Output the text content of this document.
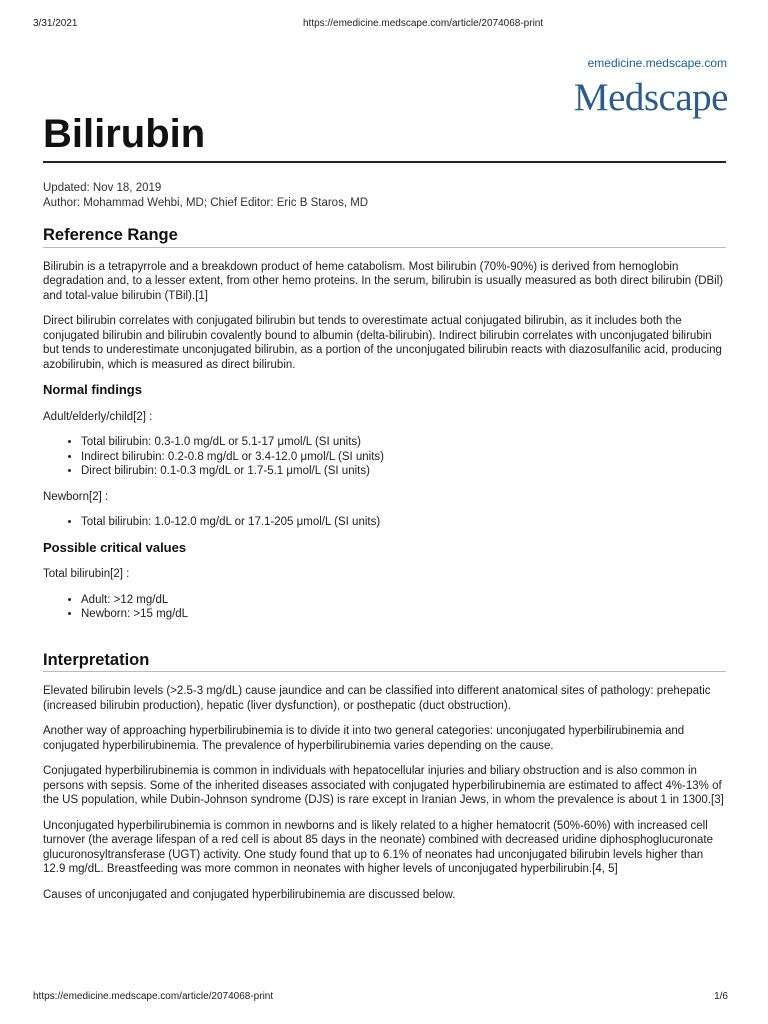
3/31/2021	https://emedicine.medscape.com/article/2074068-print
emedicine.medscape.com
Medscape
Bilirubin
Updated: Nov 18, 2019
Author: Mohammad Wehbi, MD; Chief Editor: Eric B Staros, MD
Reference Range

Bilirubin is a tetrapyrrole and a breakdown product of heme catabolism. Most bilirubin (70%-90%) is derived from hemoglobin degradation and, to a lesser extent, from other hemo proteins. In the serum, bilirubin is usually measured as both direct bilirubin (DBil) and total-value bilirubin (TBil).[1]

Direct bilirubin correlates with conjugated bilirubin but tends to overestimate actual conjugated bilirubin, as it includes both the conjugated bilirubin and bilirubin covalently bound to albumin (delta-bilirubin). Indirect bilirubin correlates with unconjugated bilirubin but tends to underestimate unconjugated bilirubin, as a portion of the unconjugated bilirubin reacts with diazosulfanilic acid, producing azobilirubin, which is measured as direct bilirubin.

Normal findings

Adult/elderly/child[2] :

• Total bilirubin: 0.3-1.0 mg/dL or 5.1-17 μmol/L (SI units)
• Indirect bilirubin: 0.2-0.8 mg/dL or 3.4-12.0 μmol/L (SI units)
• Direct bilirubin: 0.1-0.3 mg/dL or 1.7-5.1 μmol/L (SI units)

Newborn[2] :

• Total bilirubin: 1.0-12.0 mg/dL or 17.1-205 μmol/L (SI units)
Possible critical values

Total bilirubin[2] :

• Adult: >12 mg/dL
• Newborn: >15 mg/dL
Interpretation

Elevated bilirubin levels (>2.5-3 mg/dL) cause jaundice and can be classified into different anatomical sites of pathology: prehepatic (increased bilirubin production), hepatic (liver dysfunction), or posthepatic (duct obstruction).

Another way of approaching hyperbilirubinemia is to divide it into two general categories: unconjugated hyperbilirubinemia and conjugated hyperbilirubinemia. The prevalence of hyperbilirubinemia varies depending on the cause.

Conjugated hyperbilirubinemia is common in individuals with hepatocellular injuries and biliary obstruction and is also common in persons with sepsis. Some of the inherited diseases associated with conjugated hyperbilirubinemia are estimated to affect 4%-13% of the US population, while Dubin-Johnson syndrome (DJS) is rare except in Iranian Jews, in whom the prevalence is about 1 in 1300.[3]

Unconjugated hyperbilirubinemia is common in newborns and is likely related to a higher hematocrit (50%-60%) with increased cell turnover (the average lifespan of a red cell is about 85 days in the neonate) combined with decreased uridine diphosphoglucuronate glucuronosyltransferase (UGT) activity. One study found that up to 6.1% of neonates had unconjugated bilirubin levels higher than 12.9 mg/dL. Breastfeeding was more common in neonates with higher levels of unconjugated hyperbilirubin.[4, 5]

Causes of unconjugated and conjugated hyperbilirubinemia are discussed below.

https://emedicine.medscape.com/article/2074068-print	1/6
